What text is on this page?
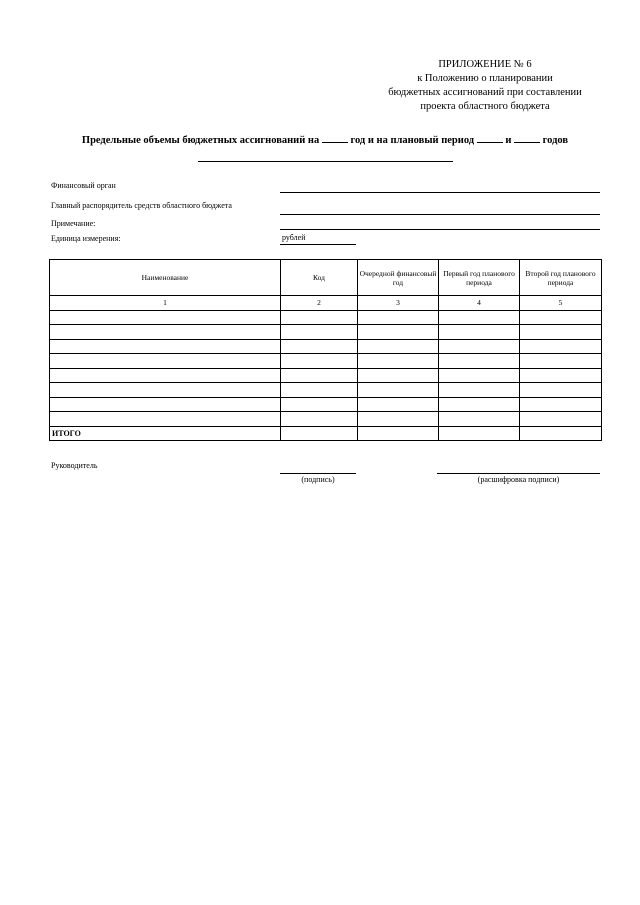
ПРИЛОЖЕНИЕ № 6
к Положению о планировании
бюджетных ассигнований при составлении
проекта областного бюджета
Предельные объемы бюджетных ассигнований на	год и на плановый период	и	годов
Финансовый орган
Главный распорядитель средств областного бюджета
Примечание:
Единица измерения:	рублей
Наименование	Код	Очередной финансовый год	Первый год планового периода	Второй год планового периода
1	2	3	4	5

ИТОГО				
Руководитель
(подпись)	(расшифровка подписи)
